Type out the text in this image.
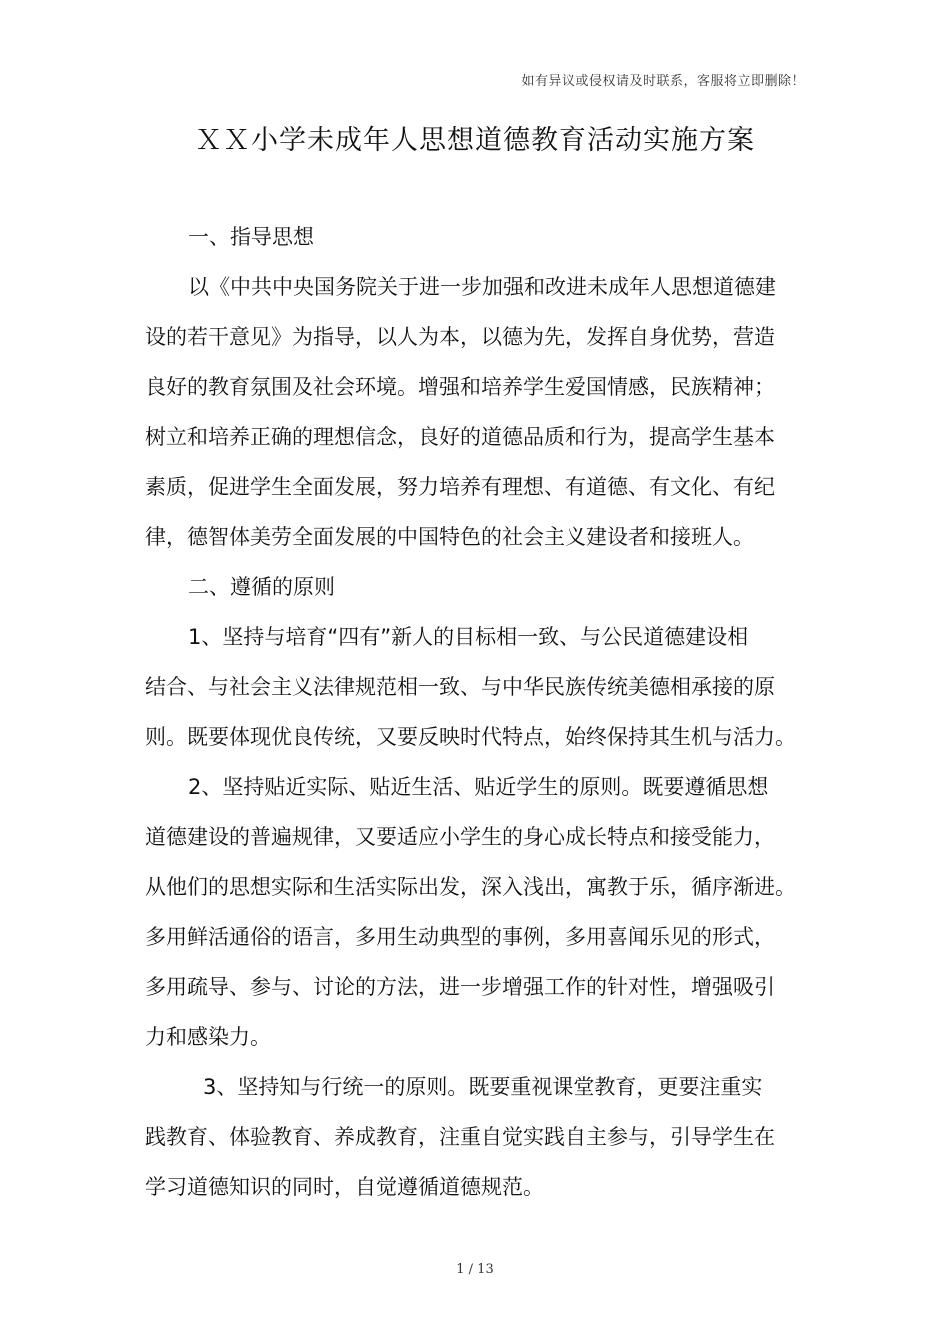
如有异议或侵权请及时联系，客服将立即删除！
ＸＸ小学未成年人思想道德教育活动实施方案
一、指导思想
以《中共中央国务院关于进一步加强和改进未成年人思想道德建
设的若干意见》为指导，以人为本，以德为先，发挥自身优势，营造
良好的教育氛围及社会环境。增强和培养学生爱国情感，民族精神；
树立和培养正确的理想信念，良好的道德品质和行为，提高学生基本
素质，促进学生全面发展，努力培养有理想、有道德、有文化、有纪
律，德智体美劳全面发展的中国特色的社会主义建设者和接班人。
二、遵循的原则
1、坚持与培育“四有”新人的目标相一致、与公民道德建设相
结合、与社会主义法律规范相一致、与中华民族传统美德相承接的原
则。既要体现优良传统，又要反映时代特点，始终保持其生机与活力。
2、坚持贴近实际、贴近生活、贴近学生的原则。既要遵循思想
道德建设的普遍规律，又要适应小学生的身心成长特点和接受能力，
从他们的思想实际和生活实际出发，深入浅出，寓教于乐，循序渐进。
多用鲜活通俗的语言，多用生动典型的事例，多用喜闻乐见的形式，
多用疏导、参与、讨论的方法，进一步增强工作的针对性，增强吸引
力和感染力。
3、坚持知与行统一的原则。既要重视课堂教育，更要注重实
践教育、体验教育、养成教育，注重自觉实践自主参与，引导学生在
学习道德知识的同时，自觉遵循道德规范。
1 / 13
